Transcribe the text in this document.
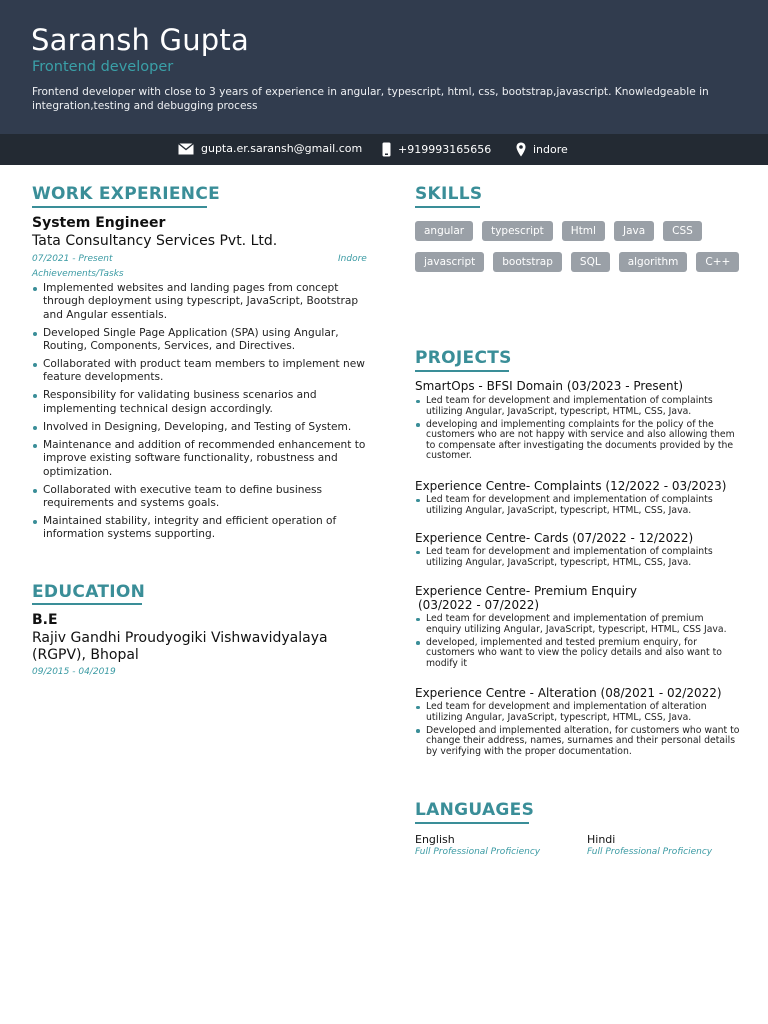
Saransh Gupta
Frontend developer
Frontend developer with close to 3 years of experience in angular, typescript, html, css, bootstrap,javascript. Knowledgeable in integration,testing and debugging process
gupta.er.saransh@gmail.com	+919993165656	indore
WORK EXPERIENCE
System Engineer
Tata Consultancy Services Pvt. Ltd.
07/2021 - Present	Indore
Achievements/Tasks
Implemented websites and landing pages from concept through deployment using typescript, JavaScript, Bootstrap and Angular essentials.
Developed Single Page Application (SPA) using Angular, Routing, Components, Services, and Directives.
Collaborated with product team members to implement new feature developments.
Responsibility for validating business scenarios and implementing technical design accordingly.
Involved in Designing, Developing, and Testing of System.
Maintenance and addition of recommended enhancement to improve existing software functionality, robustness and optimization.
Collaborated with executive team to define business requirements and systems goals.
Maintained stability, integrity and efficient operation of information systems supporting.
EDUCATION
B.E
Rajiv Gandhi Proudyogiki Vishwavidyalaya (RGPV), Bhopal
09/2015 - 04/2019
SKILLS
angular	typescript	Html	Java	CSS
javascript	bootstrap	SQL	algorithm	C++
PROJECTS
SmartOps - BFSI Domain (03/2023 - Present)
Led team for development and implementation of complaints utilizing Angular, JavaScript, typescript, HTML, CSS, Java.
developing and implementing complaints for the policy of the customers who are not happy with service and also allowing them to compensate after investigating the documents provided by the customer.
Experience Centre- Complaints (12/2022 - 03/2023)
Led team for development and implementation of complaints utilizing Angular, JavaScript, typescript, HTML, CSS, Java.
Experience Centre- Cards (07/2022 - 12/2022)
Led team for development and implementation of complaints utilizing Angular, JavaScript, typescript, HTML, CSS, Java.
Experience Centre- Premium Enquiry
(03/2022 - 07/2022)
Led team for development and implementation of premium enquiry utilizing Angular, JavaScript, typescript, HTML, CSS Java.
developed, implemented and tested premium enquiry, for customers who want to view the policy details and also want to modify it
Experience Centre - Alteration (08/2021 - 02/2022)
Led team for development and implementation of alteration utilizing Angular, JavaScript, typescript, HTML, CSS, Java.
Developed and implemented alteration, for customers who want to change their address, names, surnames and their personal details by verifying with the proper documentation.
LANGUAGES
English
Full Professional Proficiency
Hindi
Full Professional Proficiency
